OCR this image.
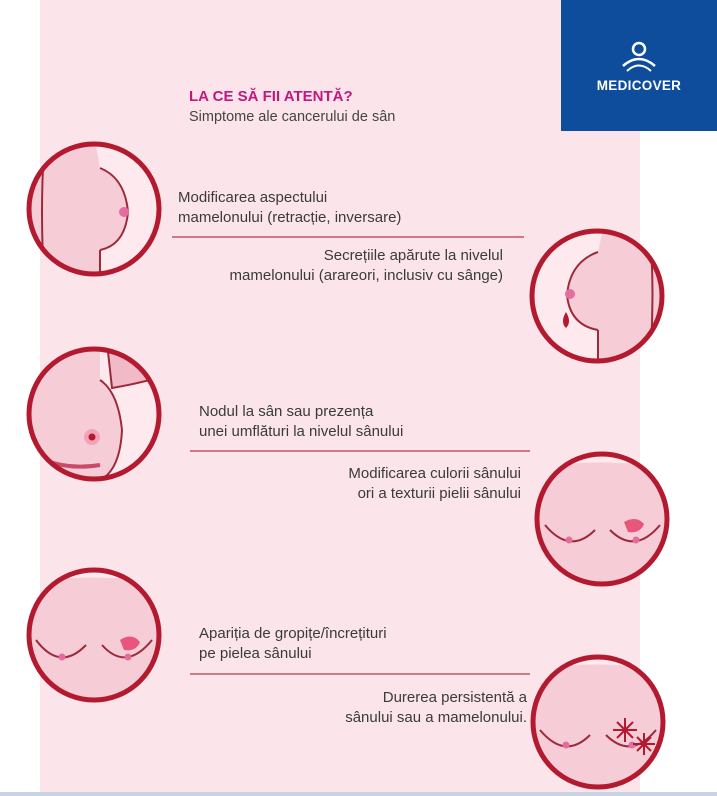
MEDICOVER
LA CE SĂ FII ATENTĂ?
Simptome ale cancerului de sân
Modificarea aspectului
mamelonului (retracție, inversare)
Secrețiile apărute la nivelul
mamelonului (arareori, inclusiv cu sânge)
Nodul la sân sau prezența
unei umflături la nivelul sânului
Modificarea culorii sânului
ori a texturii pielii sânului
Apariția de gropițe/încrețituri
pe pielea sânului
Durerea persistentă a
sânului sau a mamelonului.
